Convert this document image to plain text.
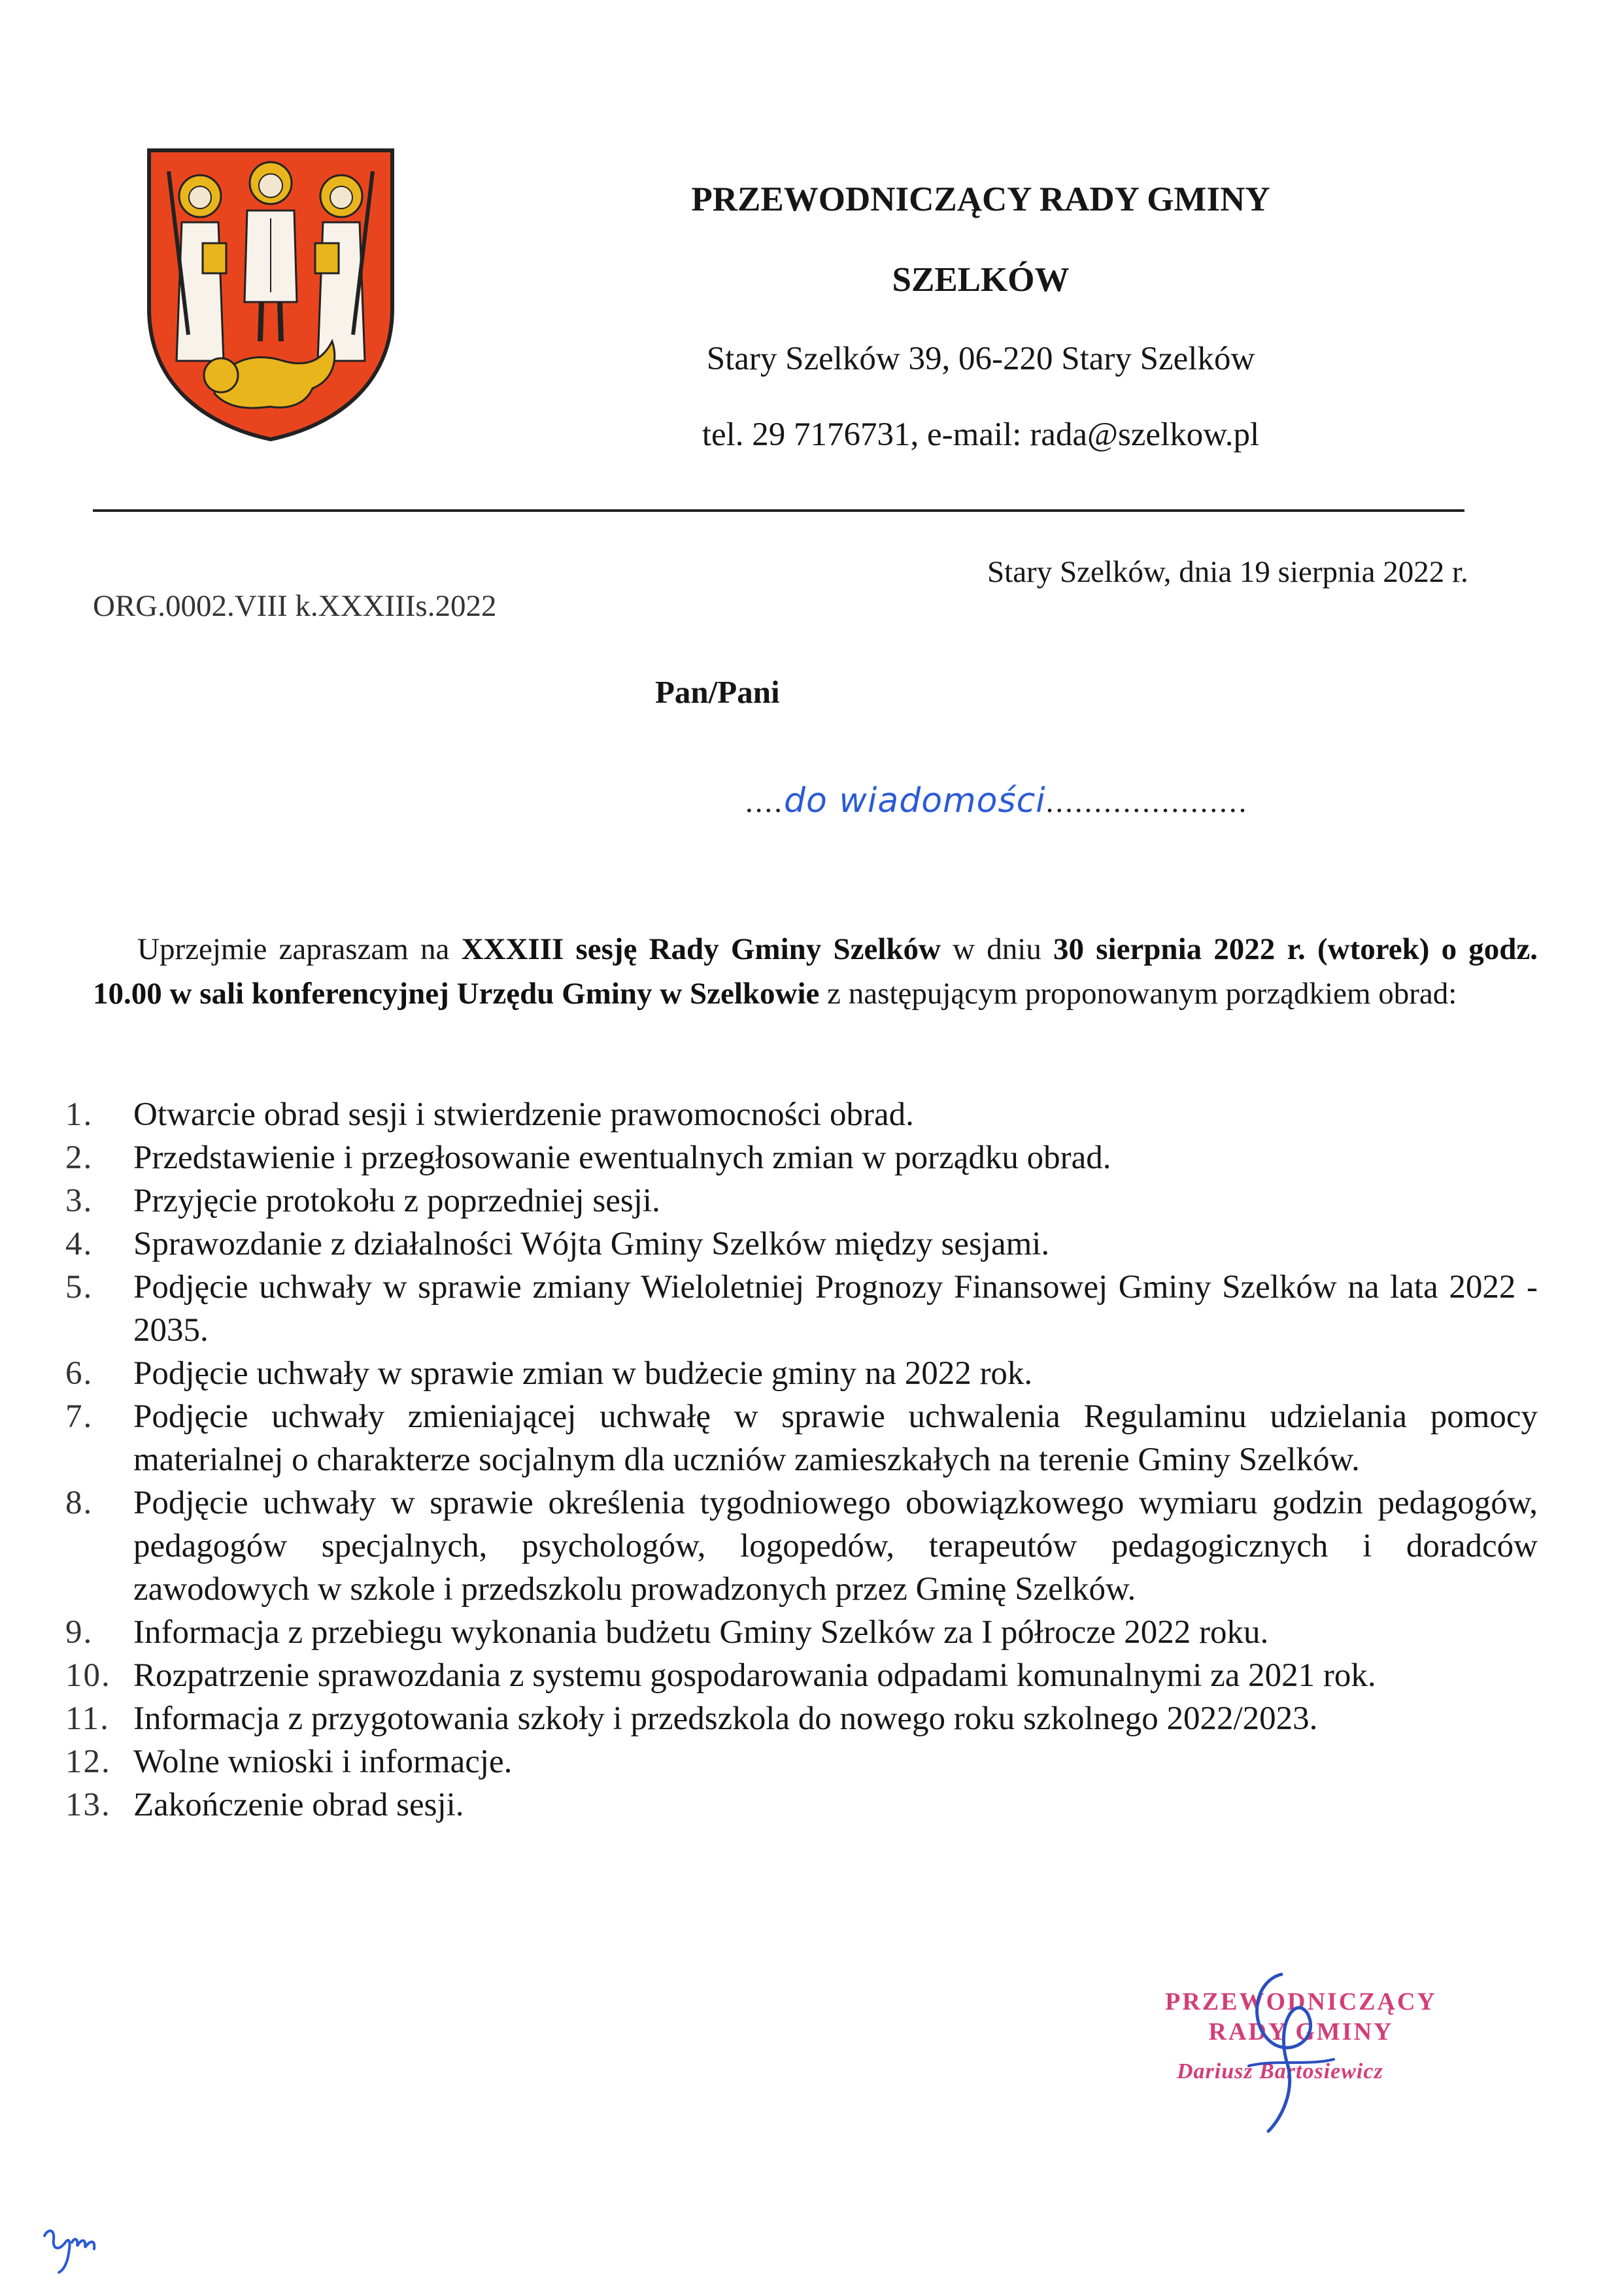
PRZEWODNICZĄCY RADY GMINY
SZELKÓW
Stary Szelków 39, 06-220 Stary Szelków
tel. 29 7176731, e-mail: rada@szelkow.pl
Stary Szelków, dnia 19 sierpnia 2022 r.
ORG.0002.VIII k.XXXIIIs.2022
Pan/Pani
....do wiadomości.....................
Uprzejmie zapraszam na XXXIII sesję Rady Gminy Szelków w dniu 30 sierpnia 2022 r. (wtorek) o godz. 10.00 w sali konferencyjnej Urzędu Gminy w Szelkowie z następującym proponowanym porządkiem obrad:
1.	Otwarcie obrad sesji i stwierdzenie prawomocności obrad.
2.	Przedstawienie i przegłosowanie ewentualnych zmian w porządku obrad.
3.	Przyjęcie protokołu z poprzedniej sesji.
4.	Sprawozdanie z działalności Wójta Gminy Szelków między sesjami.
5.	Podjęcie uchwały w sprawie zmiany Wieloletniej Prognozy Finansowej Gminy Szelków na lata 2022 - 2035.
6.	Podjęcie uchwały w sprawie zmian w budżecie gminy na 2022 rok.
7.	Podjęcie uchwały zmieniającej uchwałę w sprawie uchwalenia Regulaminu udzielania pomocy materialnej o charakterze socjalnym dla uczniów zamieszkałych na terenie Gminy Szelków.
8.	Podjęcie uchwały w sprawie określenia tygodniowego obowiązkowego wymiaru godzin pedagogów, pedagogów specjalnych, psychologów, logopedów, terapeutów pedagogicznych i doradców zawodowych w szkole i przedszkolu prowadzonych przez Gminę Szelków.
9.	Informacja z przebiegu wykonania budżetu Gminy Szelków za I półrocze 2022 roku.
10. Rozpatrzenie sprawozdania z systemu gospodarowania odpadami komunalnymi za 2021 rok.
11. Informacja z przygotowania szkoły i przedszkola do nowego roku szkolnego 2022/2023.
12. Wolne wnioski i informacje.
13. Zakończenie obrad sesji.
PRZEWODNICZĄCY
RADY GMINY
Dariusz Bartosiewicz
